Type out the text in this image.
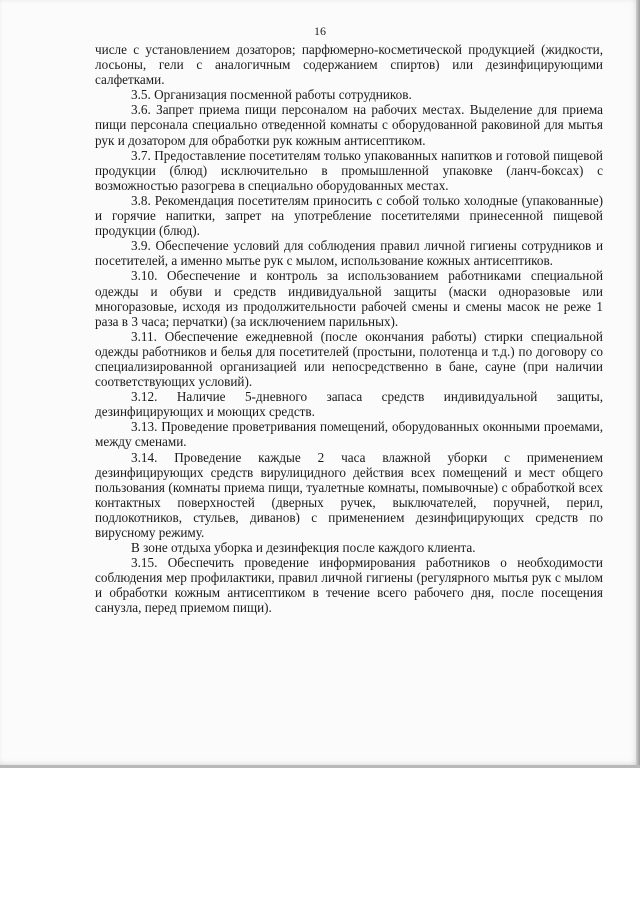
16

числе с установлением дозаторов; парфюмерно-косметической продукцией (жидкости, лосьоны, гели с аналогичным содержанием спиртов) или дезинфицирующими салфетками.

3.5. Организация посменной работы сотрудников.

3.6. Запрет приема пищи персоналом на рабочих местах. Выделение для приема пищи персонала специально отведенной комнаты с оборудованной раковиной для мытья рук и дозатором для обработки рук кожным антисептиком.

3.7. Предоставление посетителям только упакованных напитков и готовой пищевой продукции (блюд) исключительно в промышленной упаковке (ланч-боксах) с возможностью разогрева в специально оборудованных местах.

3.8. Рекомендация посетителям приносить с собой только холодные (упакованные) и горячие напитки, запрет на употребление посетителями принесенной пищевой продукции (блюд).

3.9. Обеспечение условий для соблюдения правил личной гигиены сотрудников и посетителей, а именно мытье рук с мылом, использование кожных антисептиков.

3.10. Обеспечение и контроль за использованием работниками специальной одежды и обуви и средств индивидуальной защиты (маски одноразовые или многоразовые, исходя из продолжительности рабочей смены и смены масок не реже 1 раза в 3 часа; перчатки) (за исключением парильных).

3.11. Обеспечение ежедневной (после окончания работы) стирки специальной одежды работников и белья для посетителей (простыни, полотенца и т.д.) по договору со специализированной организацией или непосредственно в бане, сауне (при наличии соответствующих условий).

3.12. Наличие 5-дневного запаса средств индивидуальной защиты, дезинфицирующих и моющих средств.

3.13. Проведение проветривания помещений, оборудованных оконными проемами, между сменами.

3.14. Проведение каждые 2 часа влажной уборки с применением дезинфицирующих средств вирулицидного действия всех помещений и мест общего пользования (комнаты приема пищи, туалетные комнаты, помывочные) с обработкой всех контактных поверхностей (дверных ручек, выключателей, поручней, перил, подлокотников, стульев, диванов) с применением дезинфицирующих средств по вирусному режиму.

В зоне отдыха уборка и дезинфекция после каждого клиента.

3.15. Обеспечить проведение информирования работников о необходимости соблюдения мер профилактики, правил личной гигиены (регулярного мытья рук с мылом и обработки кожным антисептиком в течение всего рабочего дня, после посещения санузла, перед приемом пищи).
